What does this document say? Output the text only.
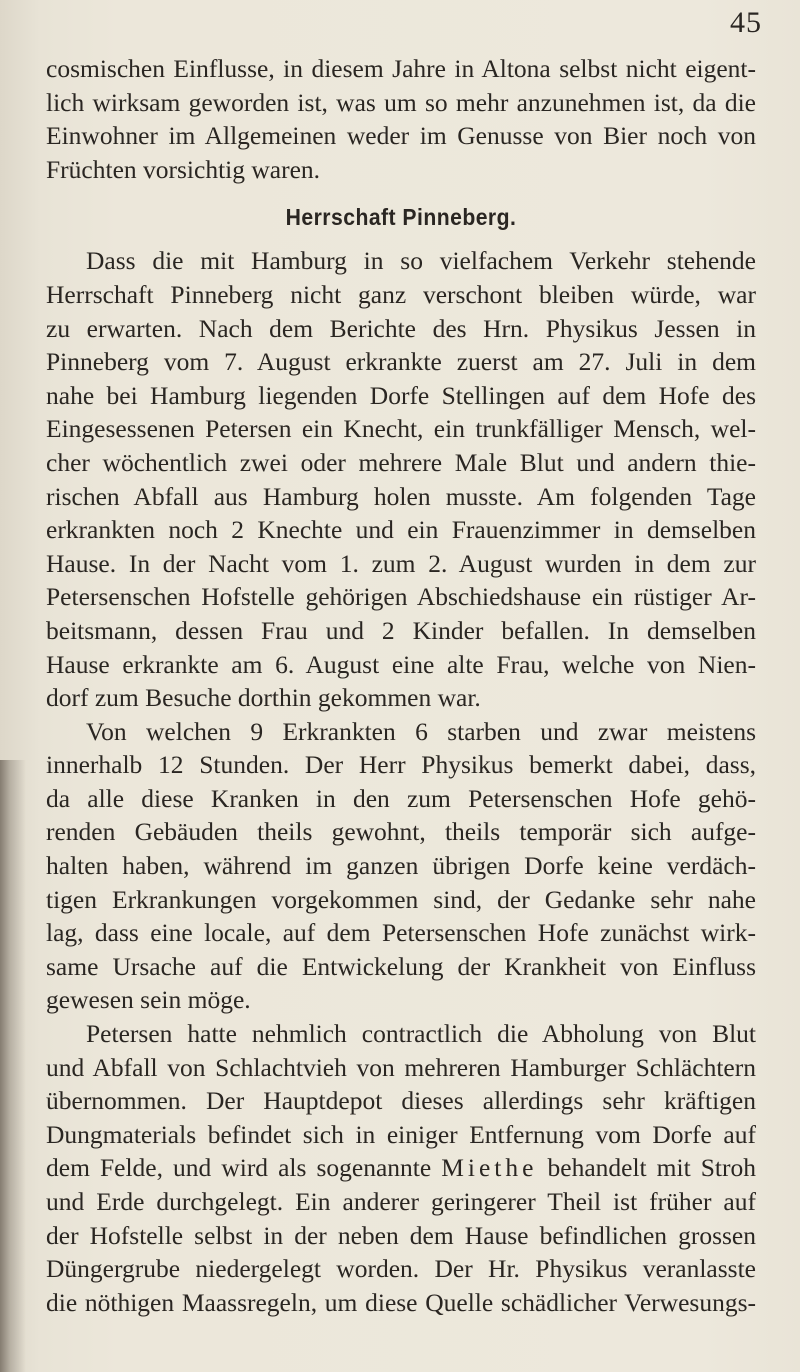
45
cosmischen Einflusse, in diesem Jahre in Altona selbst nicht eigent-
lich wirksam geworden ist, was um so mehr anzunehmen ist, da die
Einwohner im Allgemeinen weder im Genusse von Bier noch von
Früchten vorsichtig waren.
Herrschaft Pinneberg.
Dass die mit Hamburg in so vielfachem Verkehr stehende
Herrschaft Pinneberg nicht ganz verschont bleiben würde, war
zu erwarten. Nach dem Berichte des Hrn. Physikus Jessen in
Pinneberg vom 7. August erkrankte zuerst am 27. Juli in dem
nahe bei Hamburg liegenden Dorfe Stellingen auf dem Hofe des
Eingesessenen Petersen ein Knecht, ein trunkfälliger Mensch, wel-
cher wöchentlich zwei oder mehrere Male Blut und andern thie-
rischen Abfall aus Hamburg holen musste. Am folgenden Tage
erkrankten noch 2 Knechte und ein Frauenzimmer in demselben
Hause. In der Nacht vom 1. zum 2. August wurden in dem zur
Petersenschen Hofstelle gehörigen Abschiedshause ein rüstiger Ar-
beitsmann, dessen Frau und 2 Kinder befallen. In demselben
Hause erkrankte am 6. August eine alte Frau, welche von Nien-
dorf zum Besuche dorthin gekommen war.
Von welchen 9 Erkrankten 6 starben und zwar meistens
innerhalb 12 Stunden. Der Herr Physikus bemerkt dabei, dass,
da alle diese Kranken in den zum Petersenschen Hofe gehö-
renden Gebäuden theils gewohnt, theils temporär sich aufge-
halten haben, während im ganzen übrigen Dorfe keine verdäch-
tigen Erkrankungen vorgekommen sind, der Gedanke sehr nahe
lag, dass eine locale, auf dem Petersenschen Hofe zunächst wirk-
same Ursache auf die Entwickelung der Krankheit von Einfluss
gewesen sein möge.
Petersen hatte nehmlich contractlich die Abholung von Blut
und Abfall von Schlachtvieh von mehreren Hamburger Schlächtern
übernommen. Der Hauptdepot dieses allerdings sehr kräftigen
Dungmaterials befindet sich in einiger Entfernung vom Dorfe auf
dem Felde, und wird als sogenannte Miethe behandelt mit Stroh
und Erde durchgelegt. Ein anderer geringerer Theil ist früher auf
der Hofstelle selbst in der neben dem Hause befindlichen grossen
Düngergrube niedergelegt worden. Der Hr. Physikus veranlasste
die nöthigen Maassregeln, um diese Quelle schädlicher Verwesungs-
